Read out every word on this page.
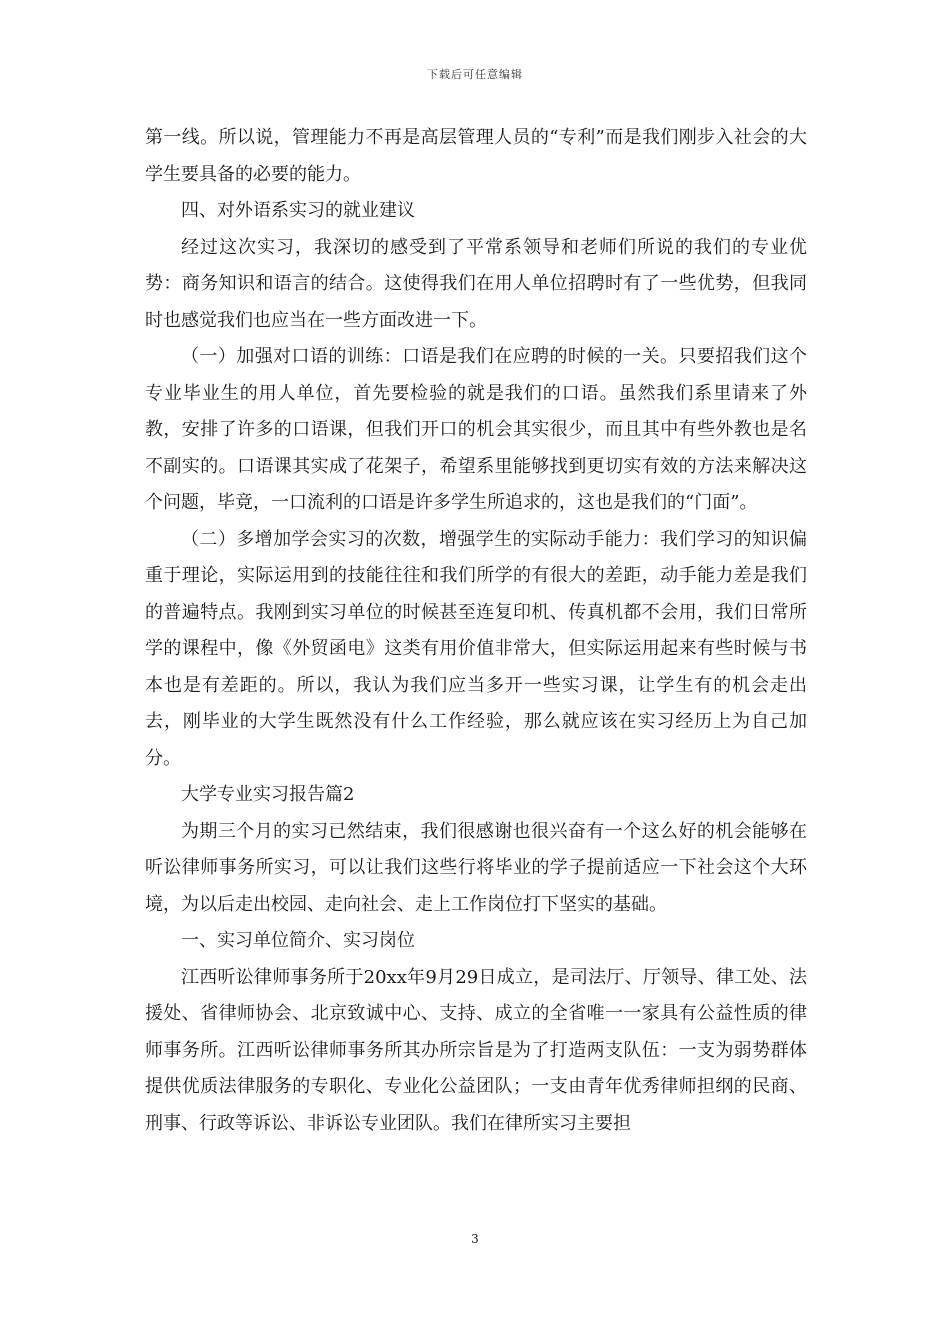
下载后可任意编辑

第一线。所以说，管理能力不再是高层管理人员的“专利”而是我们刚步入社会的大学生要具备的必要的能力。

四、对外语系实习的就业建议

经过这次实习，我深切的感受到了平常系领导和老师们所说的我们的专业优势：商务知识和语言的结合。这使得我们在用人单位招聘时有了一些优势，但我同时也感觉我们也应当在一些方面改进一下。

（一）加强对口语的训练：口语是我们在应聘的时候的一关。只要招我们这个专业毕业生的用人单位，首先要检验的就是我们的口语。虽然我们系里请来了外教，安排了许多的口语课，但我们开口的机会其实很少，而且其中有些外教也是名不副实的。口语课其实成了花架子，希望系里能够找到更切实有效的方法来解决这个问题，毕竟，一口流利的口语是许多学生所追求的，这也是我们的“门面”。

（二）多增加学会实习的次数，增强学生的实际动手能力：我们学习的知识偏重于理论，实际运用到的技能往往和我们所学的有很大的差距，动手能力差是我们的普遍特点。我刚到实习单位的时候甚至连复印机、传真机都不会用，我们日常所学的课程中，像《外贸函电》这类有用价值非常大，但实际运用起来有些时候与书本也是有差距的。所以，我认为我们应当多开一些实习课，让学生有的机会走出去，刚毕业的大学生既然没有什么工作经验，那么就应该在实习经历上为自己加分。

大学专业实习报告篇2

为期三个月的实习已然结束，我们很感谢也很兴奋有一个这么好的机会能够在听讼律师事务所实习，可以让我们这些行将毕业的学子提前适应一下社会这个大环境，为以后走出校园、走向社会、走上工作岗位打下坚实的基础。

一、实习单位简介、实习岗位

江西听讼律师事务所于20xx年9月29日成立，是司法厅、厅领导、律工处、法援处、省律师协会、北京致诚中心、支持、成立的全省唯一一家具有公益性质的律师事务所。江西听讼律师事务所其办所宗旨是为了打造两支队伍：一支为弱势群体提供优质法律服务的专职化、专业化公益团队；一支由青年优秀律师担纲的民商、刑事、行政等诉讼、非诉讼专业团队。我们在律所实习主要担

3
